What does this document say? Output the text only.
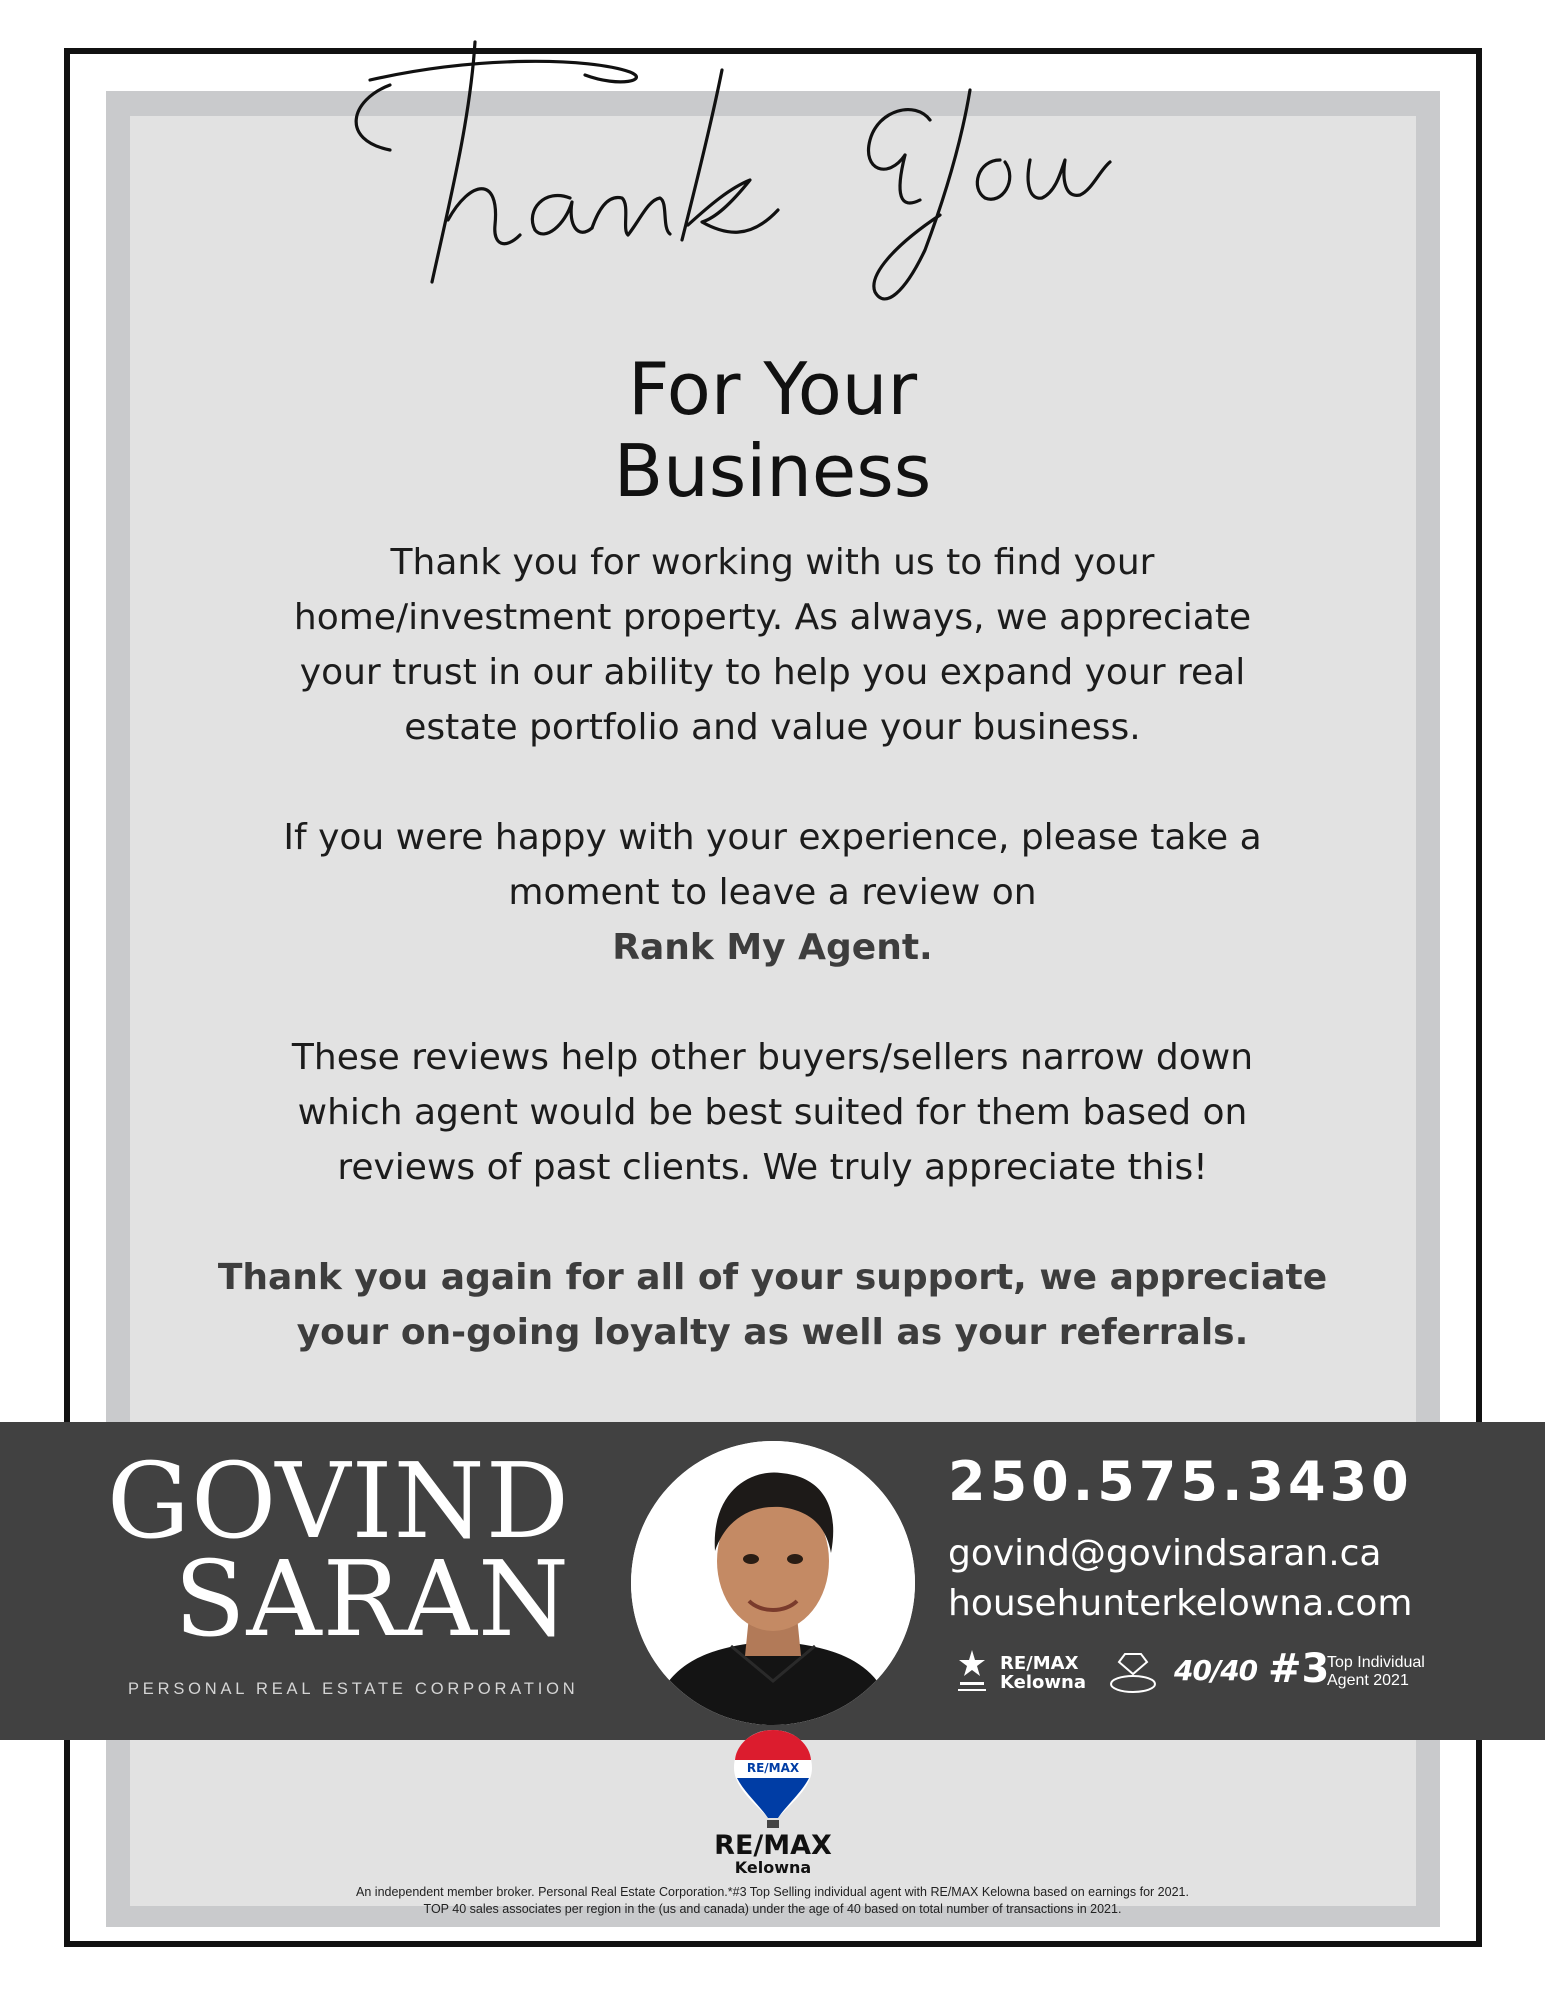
For Your
Business
Thank you for working with us to find your
home/investment property. As always, we appreciate
your trust in our ability to help you expand your real
estate portfolio and value your business.
If you were happy with your experience, please take a
moment to leave a review on
Rank My Agent.
These reviews help other buyers/sellers narrow down
which agent would be best suited for them based on
reviews of past clients. We truly appreciate this!
Thank you again for all of your support, we appreciate
your on-going loyalty as well as your referrals.
GOVIND
SARAN
PERSONAL REAL ESTATE CORPORATION
250.575.3430
govind@govindsaran.ca
househunterkelowna.com
RE/MAX
Kelowna	40/40 #3
Top Individual
Agent 2021
RE/MAX
RE/MAX
Kelowna
An independent member broker. Personal Real Estate Corporation.*#3 Top Selling individual agent with RE/MAX Kelowna based on earnings for 2021.
TOP 40 sales associates per region in the (us and canada) under the age of 40 based on total number of transactions in 2021.
